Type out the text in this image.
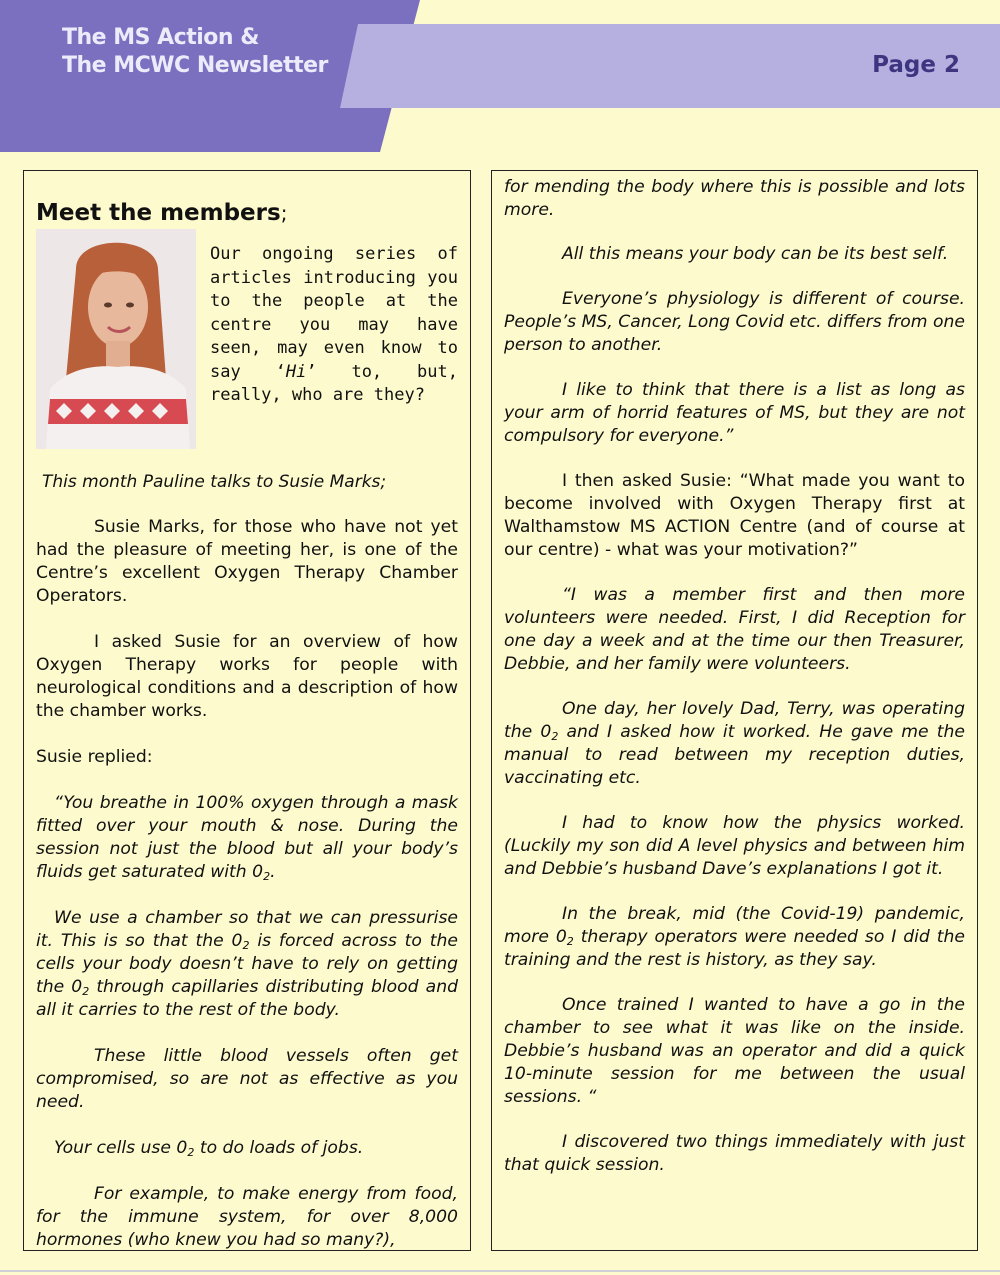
The MS Action &
The MCWC Newsletter	Page 2
Meet the members;

Our ongoing series of articles introducing you to the people at the centre you may have seen, may even know to say ‘Hi’ to, but, really, who are they?

This month Pauline talks to Susie Marks;

Susie Marks, for those who have not yet had the pleasure of meeting her, is one of the Centre’s excellent Oxygen Therapy Chamber Operators.

I asked Susie for an overview of how Oxygen Therapy works for people with neurological conditions and a description of how the chamber works.

Susie replied:

“You breathe in 100% oxygen through a mask fitted over your mouth & nose. During the session not just the blood but all your body’s fluids get saturated with $0_2$.

We use a chamber so that we can pressurise it. This is so that the $0_2$ is forced across to the cells your body doesn’t have to rely on getting the $0_2$ through capillaries distributing blood and all it carries to the rest of the body.

These little blood vessels often get compromised, so are not as effective as you need.

Your cells use $0_2$ to do loads of jobs.

For example, to make energy from food, for the immune system, for over 8,000 hormones (who knew you had so many?),

for mending the body where this is possible and lots more.

All this means your body can be its best self.

Everyone’s physiology is different of course. People’s MS, Cancer, Long Covid etc. differs from one person to another.

I like to think that there is a list as long as your arm of horrid features of MS, but they are not compulsory for everyone.”

I then asked Susie: “What made you want to become involved with Oxygen Therapy first at Walthamstow MS ACTION Centre (and of course at our centre) - what was your motivation?”

“I was a member first and then more volunteers were needed. First, I did Reception for one day a week and at the time our then Treasurer, Debbie, and her family were volunteers.

One day, her lovely Dad, Terry, was operating the $0_2$ and I asked how it worked. He gave me the manual to read between my reception duties, vaccinating etc.

I had to know how the physics worked. (Luckily my son did A level physics and between him and Debbie’s husband Dave’s explanations I got it.

In the break, mid (the Covid-19) pandemic, more $0_2$ therapy operators were needed so I did the training and the rest is history, as they say.

Once trained I wanted to have a go in the chamber to see what it was like on the inside. Debbie’s husband was an operator and did a quick 10-minute session for me between the usual sessions. “

I discovered two things immediately with just that quick session.
